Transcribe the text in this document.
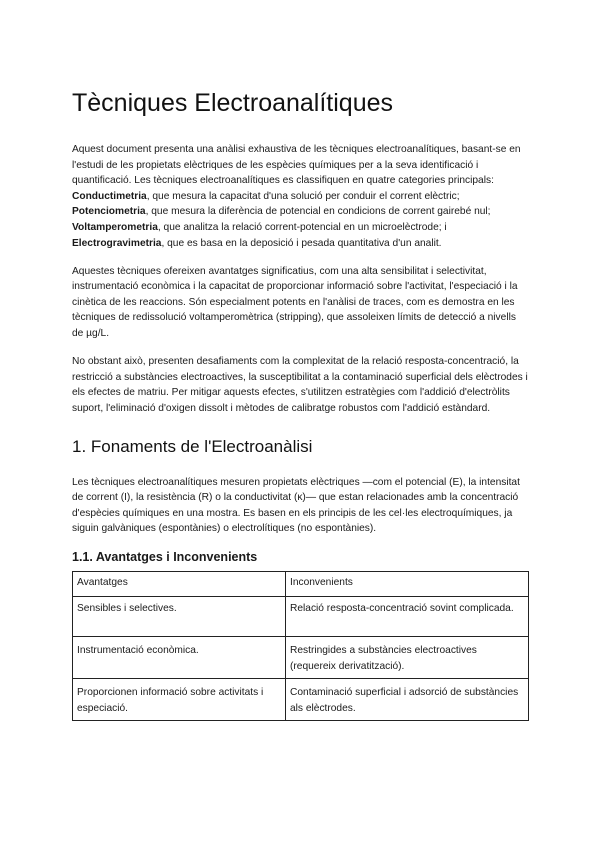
Tècniques Electroanalítiques

Aquest document presenta una anàlisi exhaustiva de les tècniques electroanalítiques, basant-se en l'estudi de les propietats elèctriques de les espècies químiques per a la seva identificació i quantificació. Les tècniques electroanalítiques es classifiquen en quatre categories principals: Conductimetria, que mesura la capacitat d'una solució per conduir el corrent elèctric; Potenciometria, que mesura la diferència de potencial en condicions de corrent gairebé nul; Voltamperometria, que analitza la relació corrent-potencial en un microelèctrode; i Electrogravimetria, que es basa en la deposició i pesada quantitativa d'un analit.

Aquestes tècniques ofereixen avantatges significatius, com una alta sensibilitat i selectivitat, instrumentació econòmica i la capacitat de proporcionar informació sobre l'activitat, l'especiació i la cinètica de les reaccions. Són especialment potents en l'anàlisi de traces, com es demostra en les tècniques de redissolució voltamperomètrica (stripping), que assoleixen límits de detecció a nivells de µg/L.

No obstant això, presenten desafiaments com la complexitat de la relació resposta-concentració, la restricció a substàncies electroactives, la susceptibilitat a la contaminació superficial dels elèctrodes i els efectes de matriu. Per mitigar aquests efectes, s'utilitzen estratègies com l'addició d'electròlits suport, l'eliminació d'oxigen dissolt i mètodes de calibratge robustos com l'addició estàndard.

1. Fonaments de l'Electroanàlisi

Les tècniques electroanalítiques mesuren propietats elèctriques —com el potencial (E), la intensitat de corrent (I), la resistència (R) o la conductivitat (κ)— que estan relacionades amb la concentració d'espècies químiques en una mostra. Es basen en els principis de les cel·les electroquímiques, ja siguin galvàniques (espontànies) o electrolítiques (no espontànies).

1.1. Avantatges i Inconvenients
Avantatges	Inconvenients
Sensibles i selectives.	Relació resposta-concentració sovint complicada.
Instrumentació econòmica.	Restringides a substàncies electroactives (requereix derivatització).
Proporcionen informació sobre activitats i especiació.	Contaminació superficial i adsorció de substàncies als elèctrodes.
